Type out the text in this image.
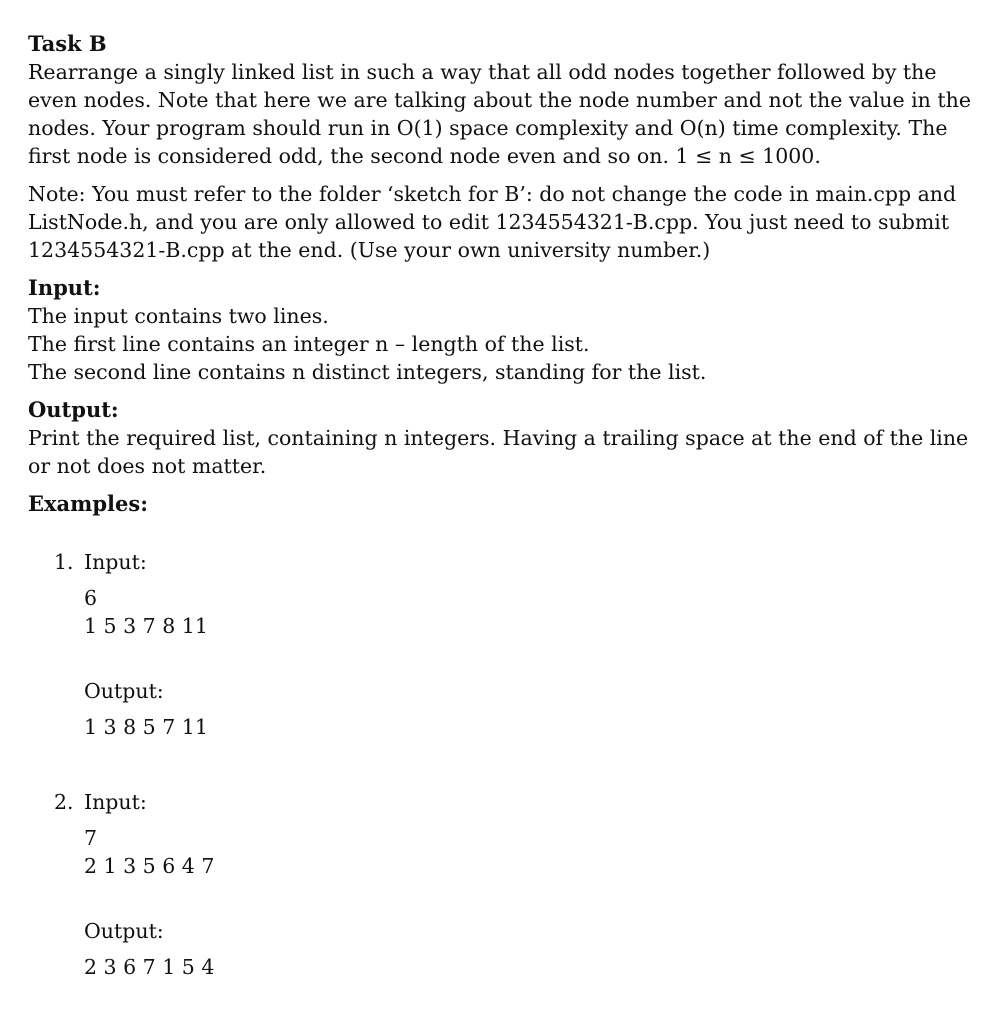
Task B
Rearrange a singly linked list in such a way that all odd nodes together followed by the
even nodes. Note that here we are talking about the node number and not the value in the
nodes. Your program should run in O(1) space complexity and O(n) time complexity. The
first node is considered odd, the second node even and so on. 1 ≤ n ≤ 1000.
Note: You must refer to the folder ‘sketch for B’: do not change the code in main.cpp and
ListNode.h, and you are only allowed to edit 1234554321-B.cpp. You just need to submit
1234554321-B.cpp at the end. (Use your own university number.)
Input:
The input contains two lines.
The first line contains an integer n – length of the list.
The second line contains n distinct integers, standing for the list.
Output:
Print the required list, containing n integers. Having a trailing space at the end of the line
or not does not matter.
Examples:
1. Input:
6
1 5 3 7 8 11
Output:
1 3 8 5 7 11
2. Input:
7
2 1 3 5 6 4 7
Output:
2 3 6 7 1 5 4
